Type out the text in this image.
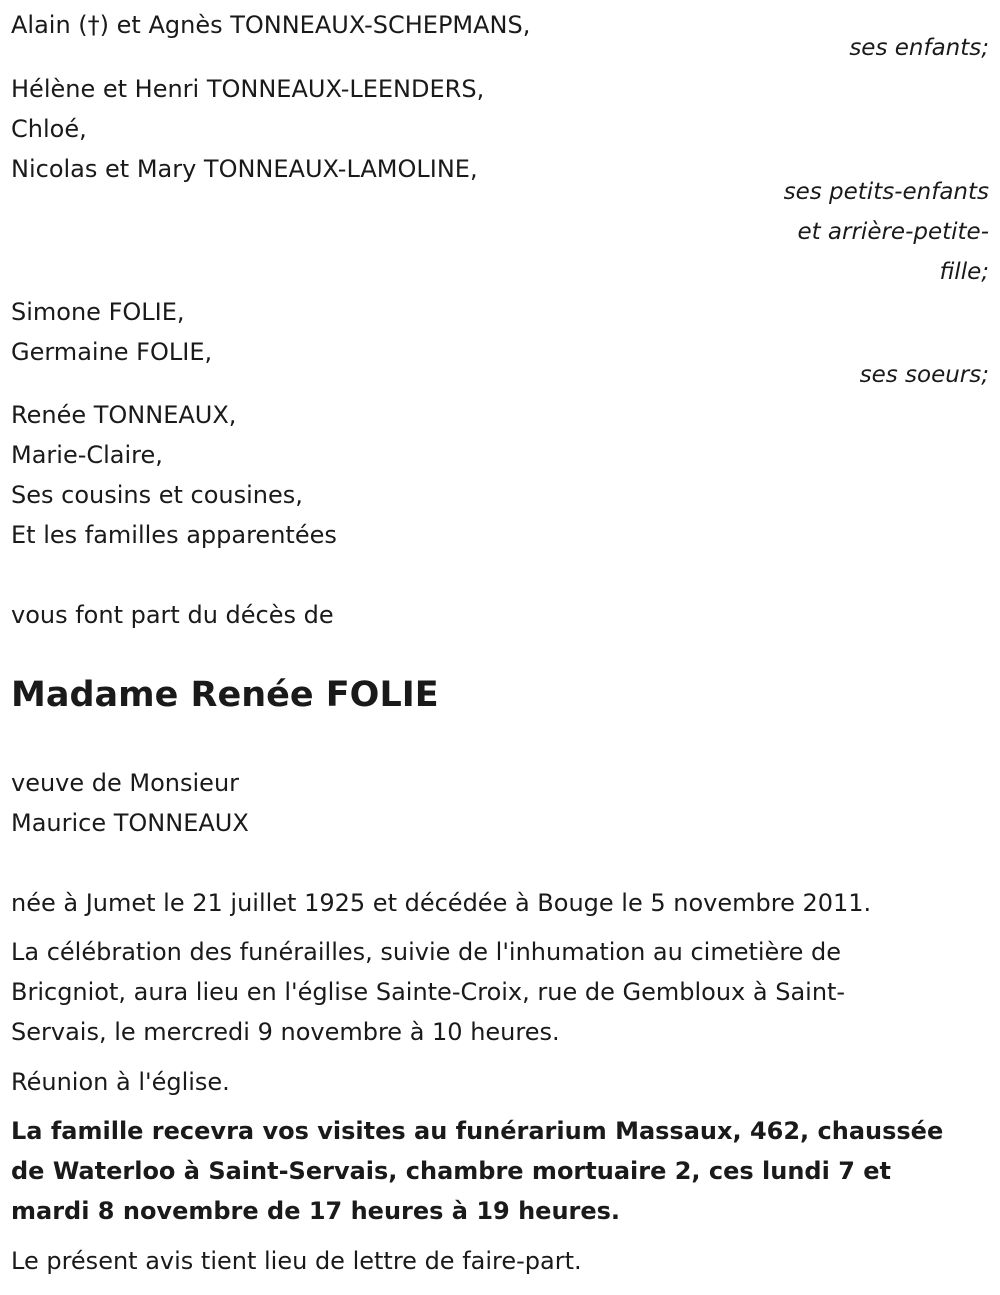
Alain (†) et Agnès TONNEAUX-SCHEPMANS,
ses enfants;
Hélène et Henri TONNEAUX-LEENDERS,
Chloé,
Nicolas et Mary TONNEAUX-LAMOLINE,
ses petits-enfants
et arrière-petite-
fille;
Simone FOLIE,
Germaine FOLIE,
ses soeurs;
Renée TONNEAUX,
Marie-Claire,
Ses cousins et cousines,
Et les familles apparentées
vous font part du décès de
Madame Renée FOLIE
veuve de Monsieur
Maurice TONNEAUX
née à Jumet le 21 juillet 1925 et décédée à Bouge le 5 novembre 2011.
La célébration des funérailles, suivie de l'inhumation au cimetière de
Bricgniot, aura lieu en l'église Sainte-Croix, rue de Gembloux à Saint-
Servais, le mercredi 9 novembre à 10 heures.
Réunion à l'église.
La famille recevra vos visites au funérarium Massaux, 462, chaussée
de Waterloo à Saint-Servais, chambre mortuaire 2, ces lundi 7 et
mardi 8 novembre de 17 heures à 19 heures.
Le présent avis tient lieu de lettre de faire-part.
